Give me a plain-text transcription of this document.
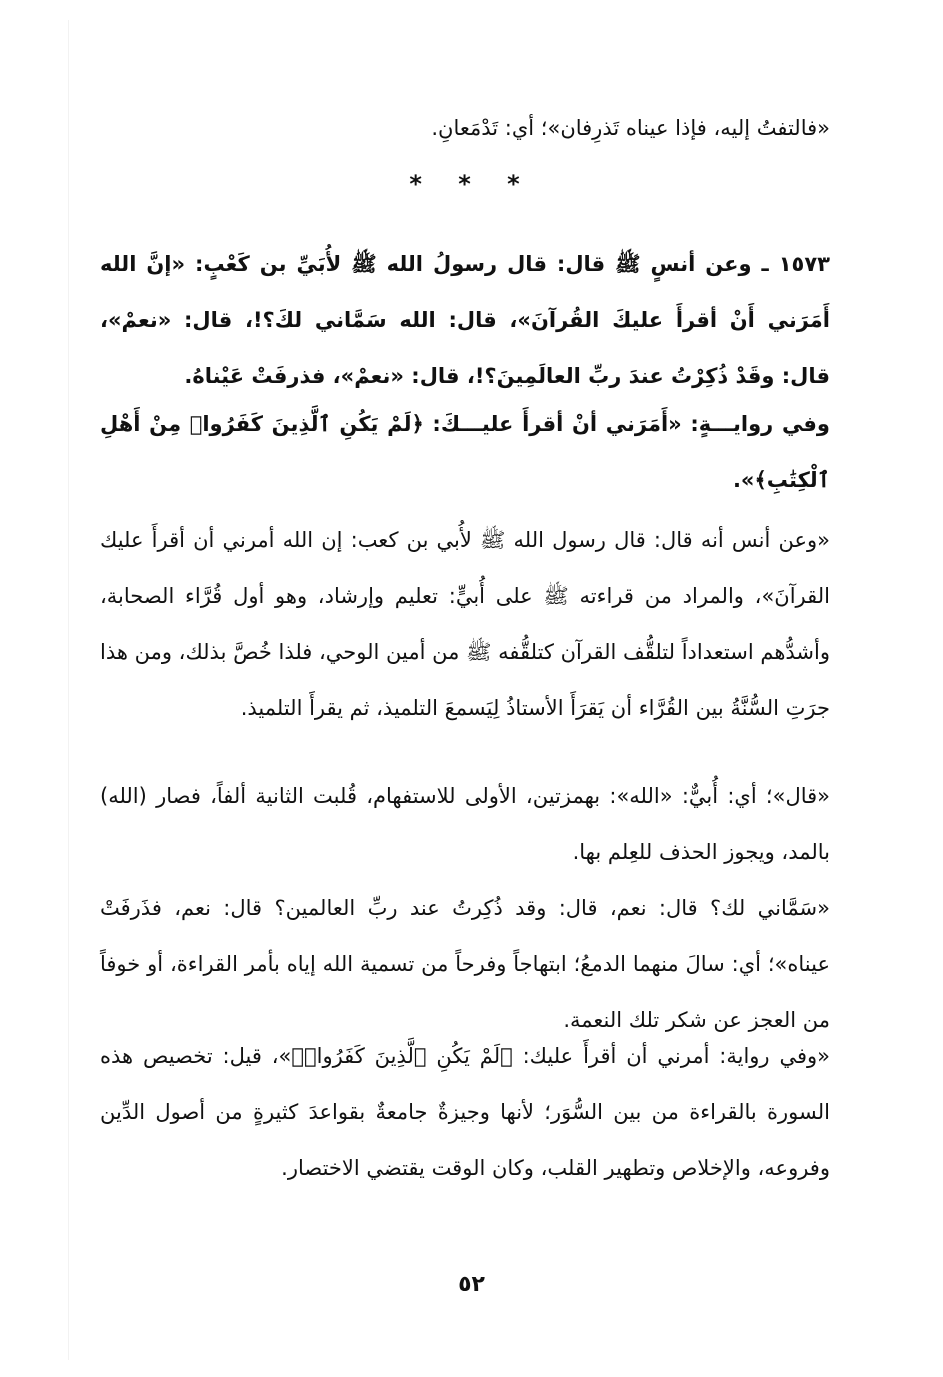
«فالتفتُ إليه، فإذا عيناه تَذرِفان»؛ أي: تَدْمَعانِ.
* * *
١٥٧٣ ـ وعن أنسٍ ﷺ قال: قال رسولُ الله ﷺ لأُبَيِّ بن كَعْبٍ: «إنَّ الله أَمَرَني أَنْ أقرأَ عليكَ القُرآنَ»، قال: الله سَمَّاني لكَ؟!، قال: «نعمْ»، قال: وقَدْ ذُكِرْتُ عندَ ربِّ العالَمِينَ؟!، قال: «نعمْ»، فذرفَتْ عَيْناهُ.
وفي روايـــةٍ: «أَمَرَني أنْ أقرأَ عليـــكَ: ﴿لَمْ يَكُنِ ٱلَّذِينَ كَفَرُوا۟ مِنْ أَهْلِ ٱلْكِتَٰبِ﴾».
«وعن أنس أنه قال: قال رسول الله ﷺ لأُبي بن كعب: إن الله أمرني أن أقرأَ عليك القرآنَ»، والمراد من قراءته ﷺ على أُبيٍّ: تعليم وإرشاد، وهو أول قُرَّاء الصحابة، وأشدُّهم استعداداً لتلقُّف القرآن كتلقُّفه ﷺ من أمين الوحي، فلذا خُصَّ بذلك، ومن هذا جرَتِ السُّنَّةُ بين القُرَّاء أن يَقرَأَ الأستاذُ لِيَسمعَ التلميذ، ثم يقرأَ التلميذ.
«قال»؛ أي: أُبيٌّ: «الله»: بهمزتين، الأولى للاستفهام، قُلبت الثانية ألفاً، فصار (الله) بالمد، ويجوز الحذف للعِلم بها.
«سَمَّاني لك؟ قال: نعم، قال: وقد ذُكِرتُ عند ربِّ العالمين؟ قال: نعم، فذَرفَتْ عيناه»؛ أي: سالَ منهما الدمعُ؛ ابتهاجاً وفرحاً من تسمية الله إياه بأمر القراءة، أو خوفاً من العجز عن شكر تلك النعمة.
«وفي رواية: أمرني أن أقرأَ عليك: ﴿لَمْ يَكُنِ ٱلَّذِينَ كَفَرُوا۟﴾»، قيل: تخصيص هذه السورة بالقراءة من بين السُّوَر؛ لأنها وجيزةٌ جامعةٌ بقواعدَ كثيرةٍ من أصول الدِّين وفروعه، والإخلاص وتطهير القلب، وكان الوقت يقتضي الاختصار.
٥٢
